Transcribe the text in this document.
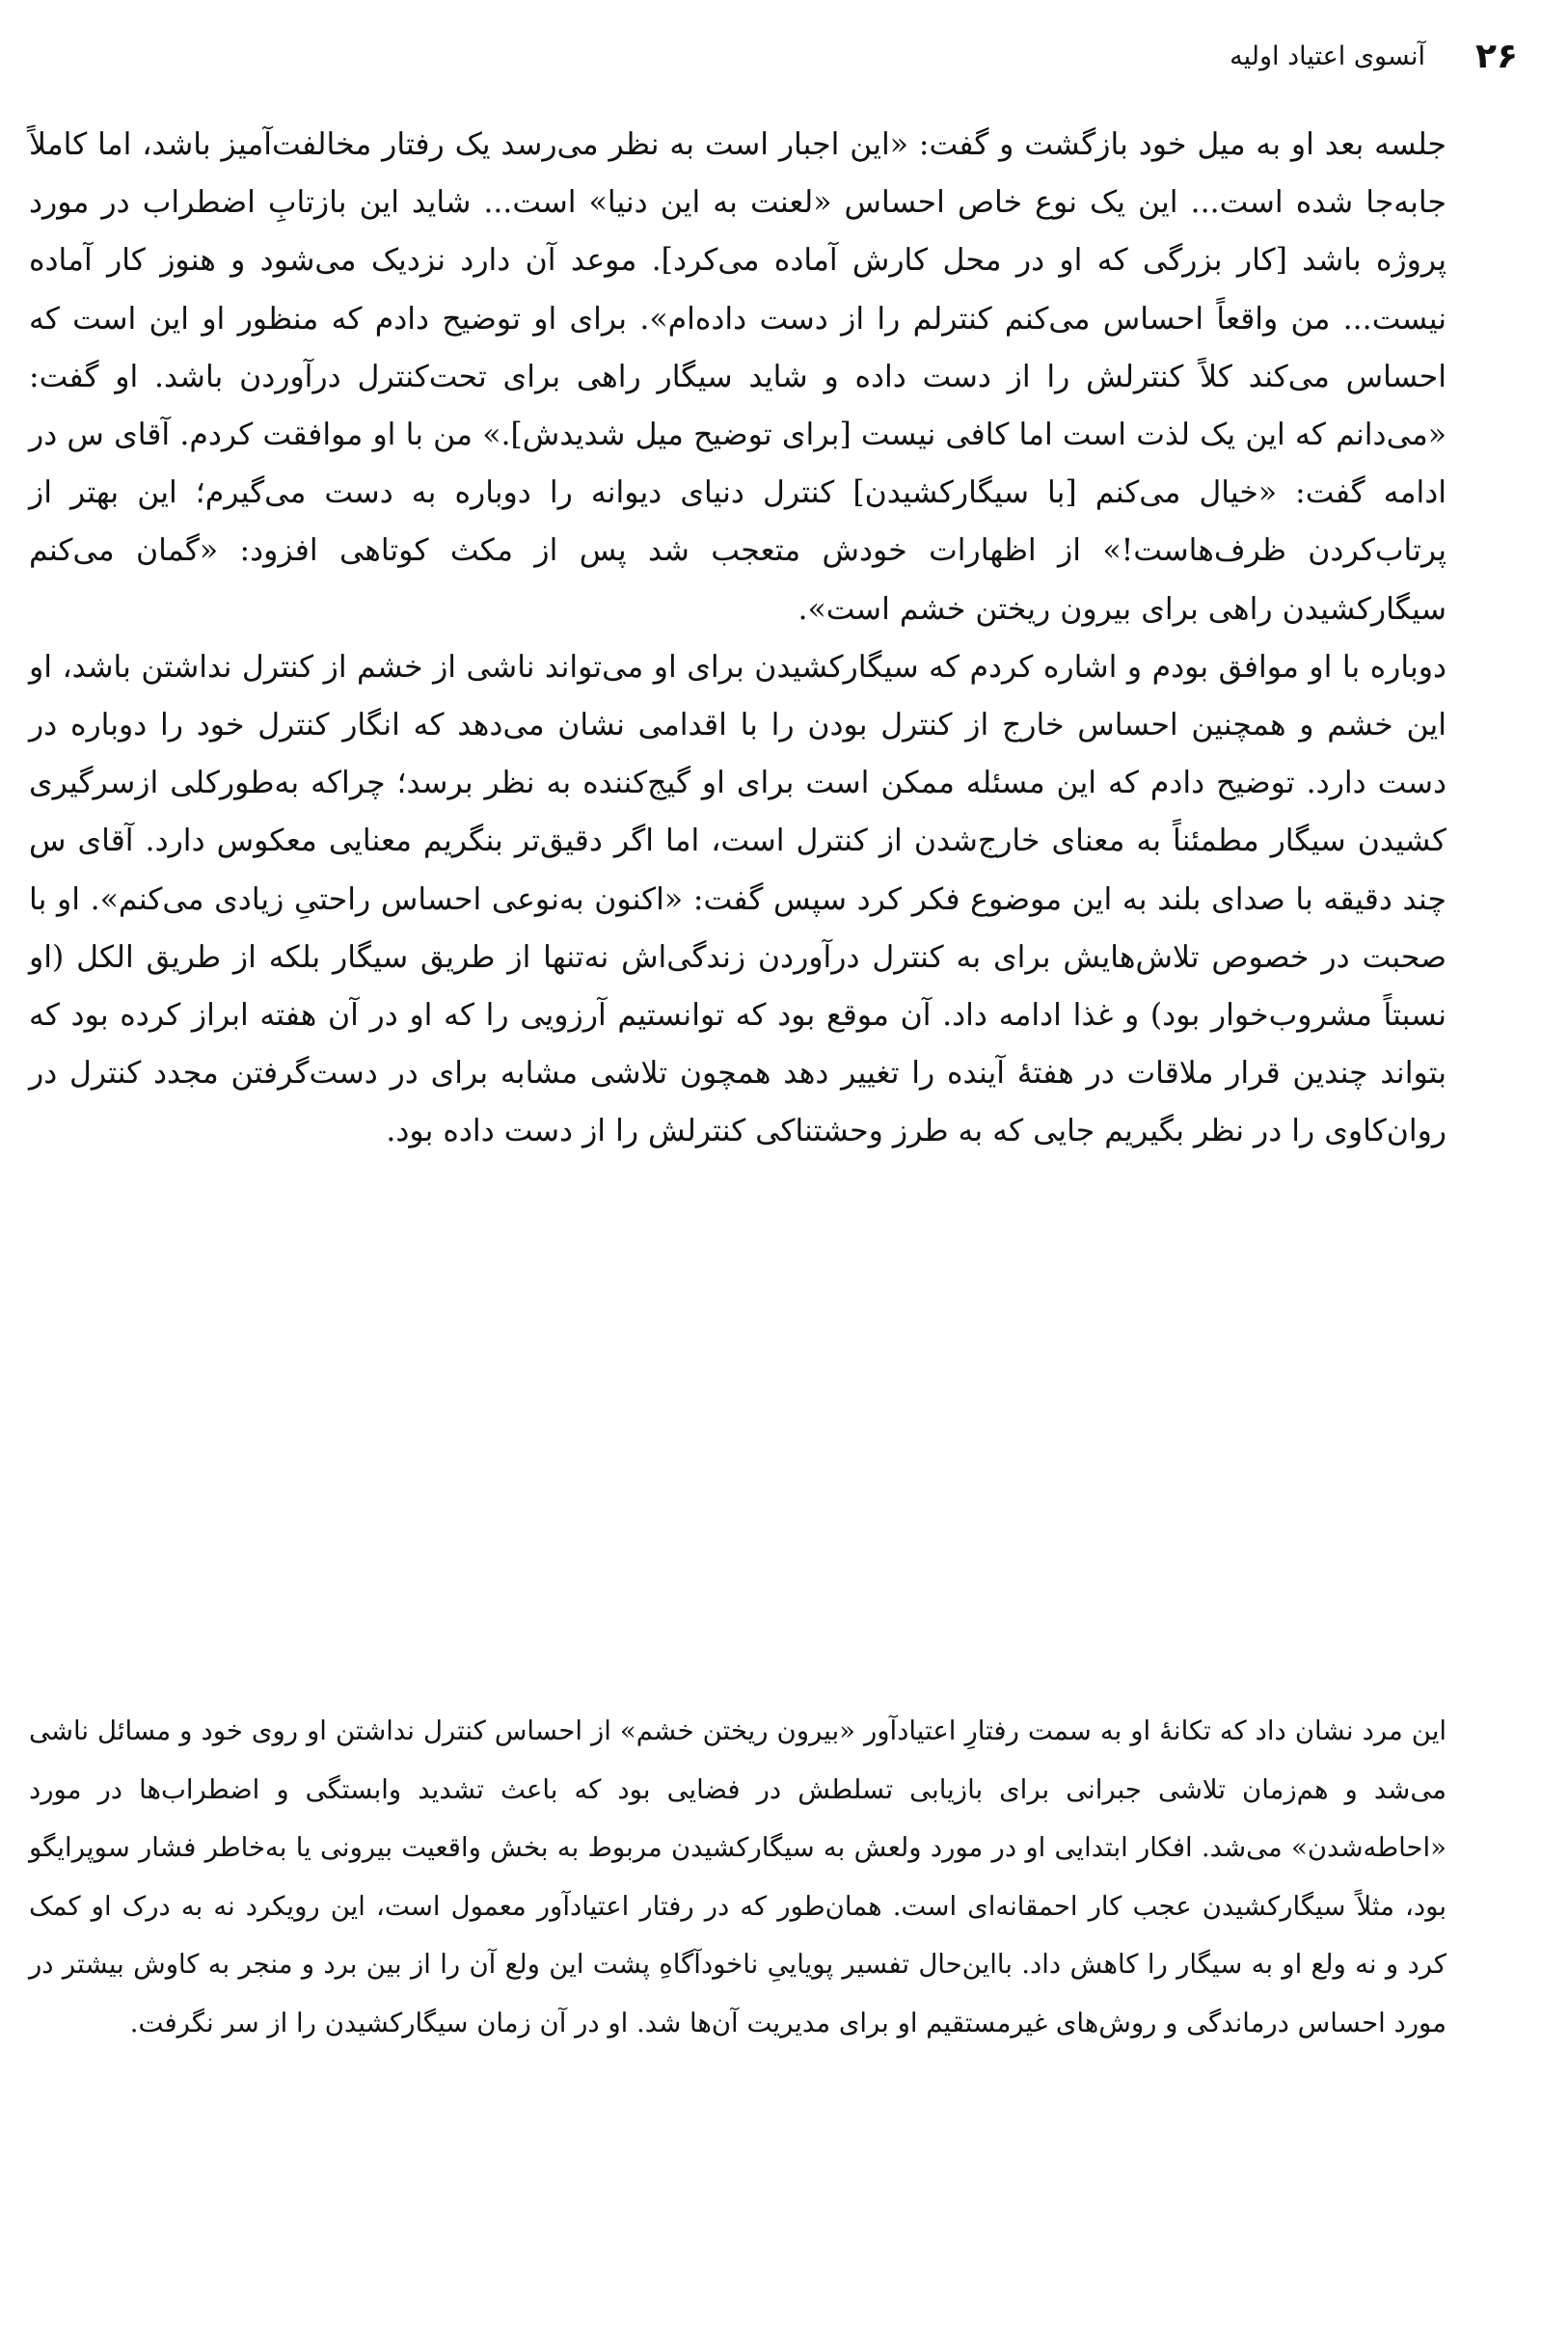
۲۶
آنسوی اعتیاد اولیه

جلسه بعد او به میل خود بازگشت و گفت: «این اجبار است به نظر می‌رسد یک رفتار مخالفت‌آمیز باشد، اما کاملاً جابه‌جا شده است... این یک نوع خاص احساس «لعنت به این دنیا» است... شاید این بازتابِ اضطراب در مورد پروژه باشد [کار بزرگی که او در محل کارش آماده می‌کرد]. موعد آن دارد نزدیک می‌شود و هنوز کار آماده نیست... من واقعاً احساس می‌کنم کنترلم را از دست داده‌ام». برای او توضیح دادم که منظور او این است که احساس می‌کند کلاً کنترلش را از دست داده و شاید سیگار راهی برای تحت‌کنترل درآوردن باشد. او گفت: «می‌دانم که این یک لذت است اما کافی نیست [برای توضیح میل شدیدش].» من با او موافقت کردم. آقای س در ادامه گفت: «خیال می‌کنم [با سیگارکشیدن] کنترل دنیای دیوانه را دوباره به دست می‌گیرم؛ این بهتر از پرتاب‌کردن ظرف‌هاست!» از اظهارات خودش متعجب شد پس از مکث کوتاهی افزود: «گمان می‌کنم سیگارکشیدن راهی برای بیرون ریختن خشم است».

دوباره با او موافق بودم و اشاره کردم که سیگارکشیدن برای او می‌تواند ناشی از خشم از کنترل نداشتن باشد، او این خشم و همچنین احساس خارج از کنترل بودن را با اقدامی نشان می‌دهد که انگار کنترل خود را دوباره در دست دارد. توضیح دادم که این مسئله ممکن است برای او گیج‌کننده به نظر برسد؛ چراکه به‌طورکلی ازسرگیری کشیدن سیگار مطمئناً به معنای خارج‌شدن از کنترل است، اما اگر دقیق‌تر بنگریم معنایی معکوس دارد. آقای س چند دقیقه با صدای بلند به این موضوع فکر کرد سپس گفت: «اکنون به‌نوعی احساس راحتیِ زیادی می‌کنم». او با صحبت در خصوص تلاش‌هایش برای به کنترل درآوردن زندگی‌اش نه‌تنها از طریق سیگار بلکه از طریق الکل (او نسبتاً مشروب‌خوار بود) و غذا ادامه داد. آن موقع بود که توانستیم آرزویی را که او در آن هفته ابراز کرده بود که بتواند چندین قرار ملاقات در هفتهٔ آینده را تغییر دهد همچون تلاشی مشابه برای در دست‌گرفتن مجدد کنترل در روان‌کاوی را در نظر بگیریم جایی که به طرز وحشتناکی کنترلش را از دست داده بود.

این مرد نشان داد که تکانهٔ او به سمت رفتارِ اعتیادآور «بیرون ریختن خشم» از احساس کنترل نداشتن او روی خود و مسائل ناشی می‌شد و هم‌زمان تلاشی جبرانی برای بازیابی تسلطش در فضایی بود که باعث تشدید وابستگی و اضطراب‌ها در مورد «احاطه‌شدن» می‌شد. افکار ابتدایی او در مورد ولعش به سیگارکشیدن مربوط به بخش واقعیت بیرونی یا به‌خاطر فشار سوپرایگو بود، مثلاً سیگارکشیدن عجب کار احمقانه‌ای است. همان‌طور که در رفتار اعتیادآور معمول است، این رویکرد نه به درک او کمک کرد و نه ولع او به سیگار را کاهش داد. بااین‌حال تفسیر پویاییِ ناخودآگاهِ پشت این ولع آن را از بین برد و منجر به کاوش بیشتر در مورد احساس درماندگی و روش‌های غیرمستقیم او برای مدیریت آن‌ها شد. او در آن زمان سیگارکشیدن را از سر نگرفت.
